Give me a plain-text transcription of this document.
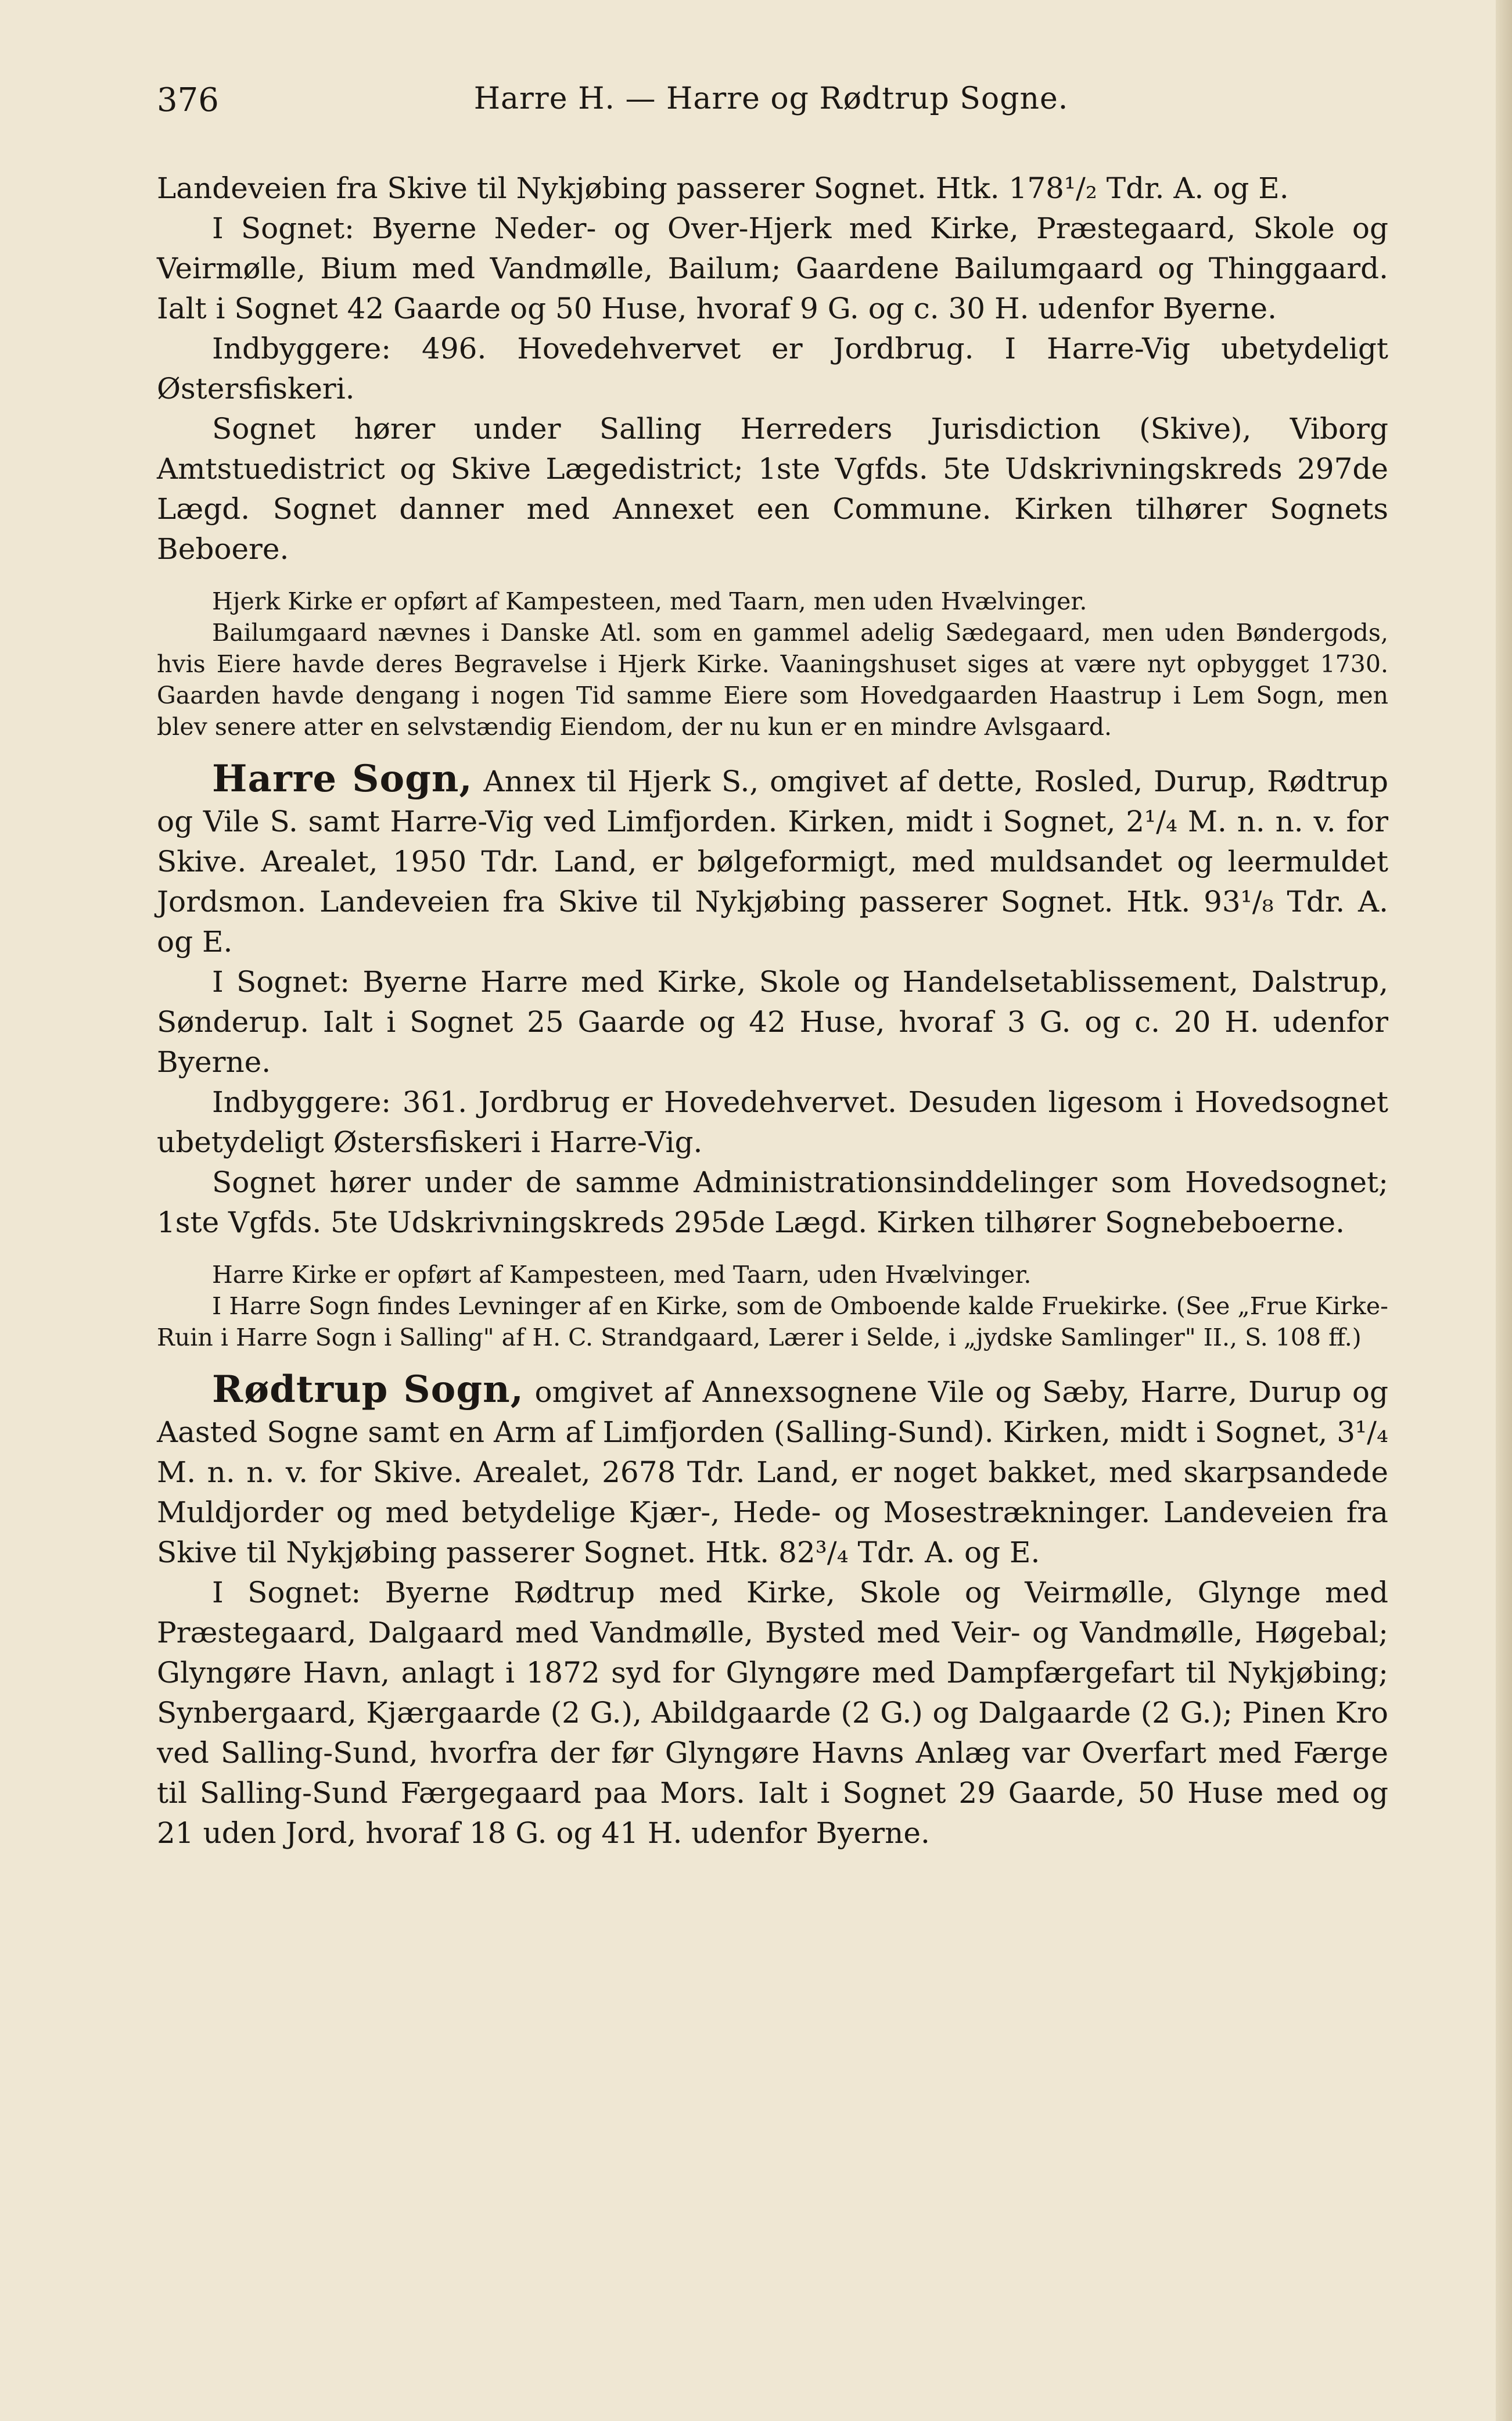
376	Harre H. — Harre og Rødtrup Sogne.

Landeveien fra Skive til Nykjøbing passerer Sognet. Htk. 178¹/₂ Tdr. A. og E.

I Sognet: Byerne Neder- og Over-Hjerk med Kirke, Præstegaard, Skole og Veirmølle, Bium med Vandmølle, Bailum; Gaardene Bailumgaard og Thinggaard. Ialt i Sognet 42 Gaarde og 50 Huse, hvoraf 9 G. og c. 30 H. udenfor Byerne.

Indbyggere: 496. Hovedehvervet er Jordbrug. I Harre-Vig ubetydeligt Østersfiskeri.

Sognet hører under Salling Herreders Jurisdiction (Skive), Viborg Amtstuedistrict og Skive Lægedistrict; 1ste Vgfds. 5te Udskrivningskreds 297de Lægd. Sognet danner med Annexet een Commune. Kirken tilhører Sognets Beboere.

Hjerk Kirke er opført af Kampesteen, med Taarn, men uden Hvælvinger.

Bailumgaard nævnes i Danske Atl. som en gammel adelig Sædegaard, men uden Bøndergods, hvis Eiere havde deres Begravelse i Hjerk Kirke. Vaaningshuset siges at være nyt opbygget 1730. Gaarden havde dengang i nogen Tid samme Eiere som Hovedgaarden Haastrup i Lem Sogn, men blev senere atter en selvstændig Eiendom, der nu kun er en mindre Avlsgaard.

Harre Sogn, Annex til Hjerk S., omgivet af dette, Rosled, Durup, Rødtrup og Vile S. samt Harre-Vig ved Limfjorden. Kirken, midt i Sognet, 2¹/₄ M. n. n. v. for Skive. Arealet, 1950 Tdr. Land, er bølgeformigt, med muldsandet og leermuldet Jordsmon. Landeveien fra Skive til Nykjøbing passerer Sognet. Htk. 93¹/₈ Tdr. A. og E.

I Sognet: Byerne Harre med Kirke, Skole og Handelsetablissement, Dalstrup, Sønderup. Ialt i Sognet 25 Gaarde og 42 Huse, hvoraf 3 G. og c. 20 H. udenfor Byerne.

Indbyggere: 361. Jordbrug er Hovedehvervet. Desuden ligesom i Hovedsognet ubetydeligt Østersfiskeri i Harre-Vig.

Sognet hører under de samme Administrationsinddelinger som Hovedsognet; 1ste Vgfds. 5te Udskrivningskreds 295de Lægd. Kirken tilhører Sognebeboerne.

Harre Kirke er opført af Kampesteen, med Taarn, uden Hvælvinger.

I Harre Sogn findes Levninger af en Kirke, som de Omboende kalde Fruekirke. (See „Frue Kirke-Ruin i Harre Sogn i Salling" af H. C. Strandgaard, Lærer i Selde, i „jydske Samlinger" II., S. 108 ff.)

Rødtrup Sogn, omgivet af Annexsognene Vile og Sæby, Harre, Durup og Aasted Sogne samt en Arm af Limfjorden (Salling-Sund). Kirken, midt i Sognet, 3¹/₄ M. n. n. v. for Skive. Arealet, 2678 Tdr. Land, er noget bakket, med skarpsandede Muldjorder og med betydelige Kjær-, Hede- og Mosestrækninger. Landeveien fra Skive til Nykjøbing passerer Sognet. Htk. 82³/₄ Tdr. A. og E.

I Sognet: Byerne Rødtrup med Kirke, Skole og Veirmølle, Glynge med Præstegaard, Dalgaard med Vandmølle, Bysted med Veir- og Vandmølle, Høgebal; Glyngøre Havn, anlagt i 1872 syd for Glyngøre med Dampfærgefart til Nykjøbing; Synbergaard, Kjærgaarde (2 G.), Abildgaarde (2 G.) og Dalgaarde (2 G.); Pinen Kro ved Salling-Sund, hvorfra der før Glyngøre Havns Anlæg var Overfart med Færge til Salling-Sund Færgegaard paa Mors. Ialt i Sognet 29 Gaarde, 50 Huse med og 21 uden Jord, hvoraf 18 G. og 41 H. udenfor Byerne.
